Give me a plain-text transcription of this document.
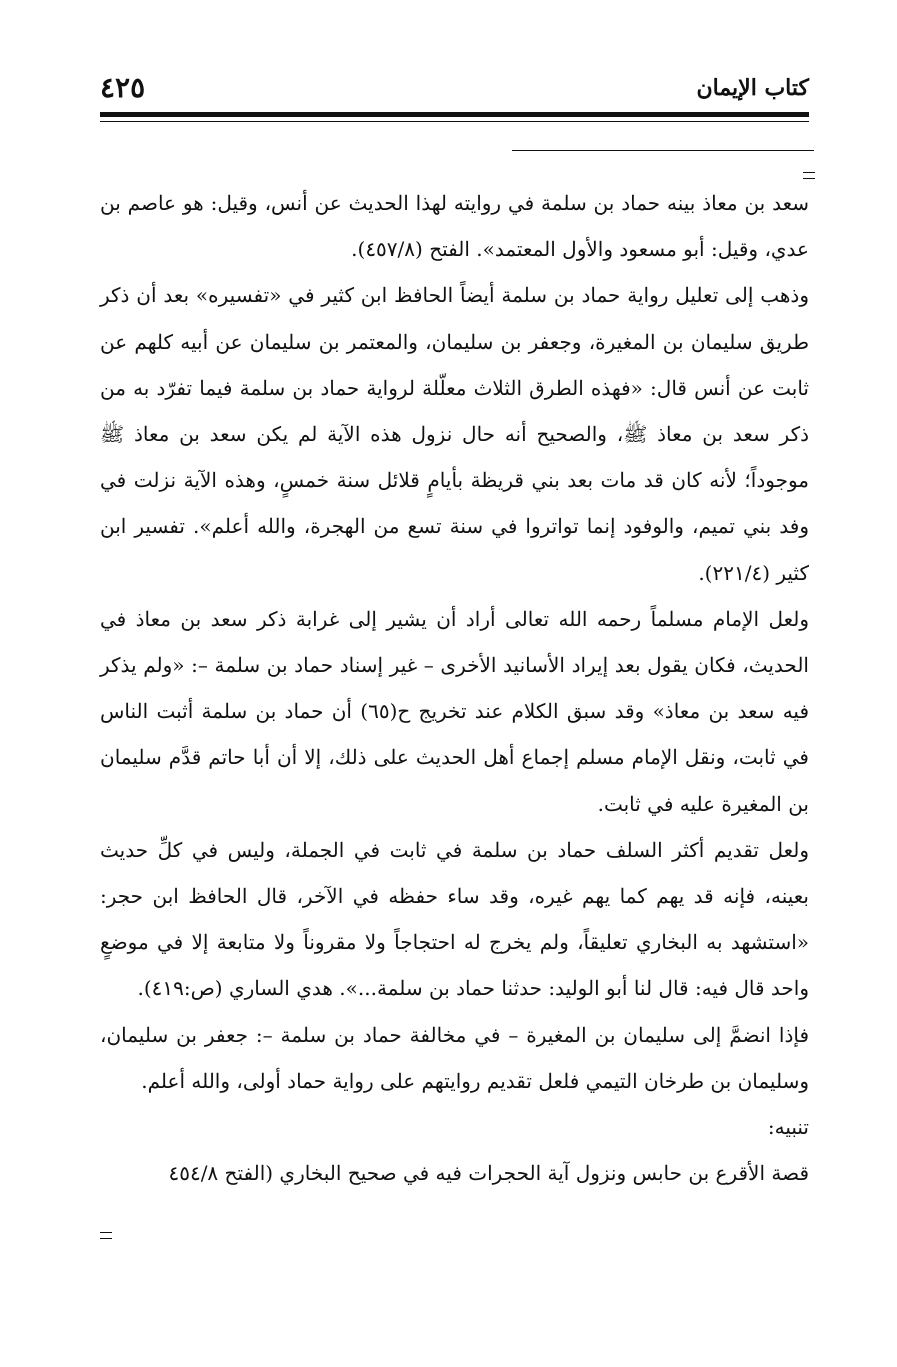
كتاب الإيمان
٤٢٥

سعد بن معاذ بينه حماد بن سلمة في روايته لهذا الحديث عن أنس، وقيل: هو عاصم بن عدي، وقيل: أبو مسعود والأول المعتمد». الفتح (٤٥٧/٨).

وذهب إلى تعليل رواية حماد بن سلمة أيضاً الحافظ ابن كثير في «تفسيره» بعد أن ذكر طريق سليمان بن المغيرة، وجعفر بن سليمان، والمعتمر بن سليمان عن أبيه كلهم عن ثابت عن أنس قال: «فهذه الطرق الثلاث معلّلة لرواية حماد بن سلمة فيما تفرّد به من ذكر سعد بن معاذ ﷺ، والصحيح أنه حال نزول هذه الآية لم يكن سعد بن معاذ ﷺ موجوداً؛ لأنه كان قد مات بعد بني قريظة بأيامٍ قلائل سنة خمسٍ، وهذه الآية نزلت في وفد بني تميم، والوفود إنما تواتروا في سنة تسع من الهجرة، والله أعلم». تفسير ابن كثير (٢٢١/٤).

ولعل الإمام مسلماً رحمه الله تعالى أراد أن يشير إلى غرابة ذكر سعد بن معاذ في الحديث، فكان يقول بعد إيراد الأسانيد الأخرى – غير إسناد حماد بن سلمة –: «ولم يذكر فيه سعد بن معاذ» وقد سبق الكلام عند تخريج ح(٦٥) أن حماد بن سلمة أثبت الناس في ثابت، ونقل الإمام مسلم إجماع أهل الحديث على ذلك، إلا أن أبا حاتم قدَّم سليمان بن المغيرة عليه في ثابت.

ولعل تقديم أكثر السلف حماد بن سلمة في ثابت في الجملة، وليس في كلِّ حديث بعينه، فإنه قد يهم كما يهم غيره، وقد ساء حفظه في الآخر، قال الحافظ ابن حجر: «استشهد به البخاري تعليقاً، ولم يخرج له احتجاجاً ولا مقروناً ولا متابعة إلا في موضعٍ واحد قال فيه: قال لنا أبو الوليد: حدثنا حماد بن سلمة...». هدي الساري (ص:٤١٩).

فإذا انضمَّ إلى سليمان بن المغيرة – في مخالفة حماد بن سلمة –: جعفر بن سليمان، وسليمان بن طرخان التيمي فلعل تقديم روايتهم على رواية حماد أولى، والله أعلم.

تنبيه:

قصة الأقرع بن حابس ونزول آية الحجرات فيه في صحيح البخاري (الفتح ٤٥٤/٨
